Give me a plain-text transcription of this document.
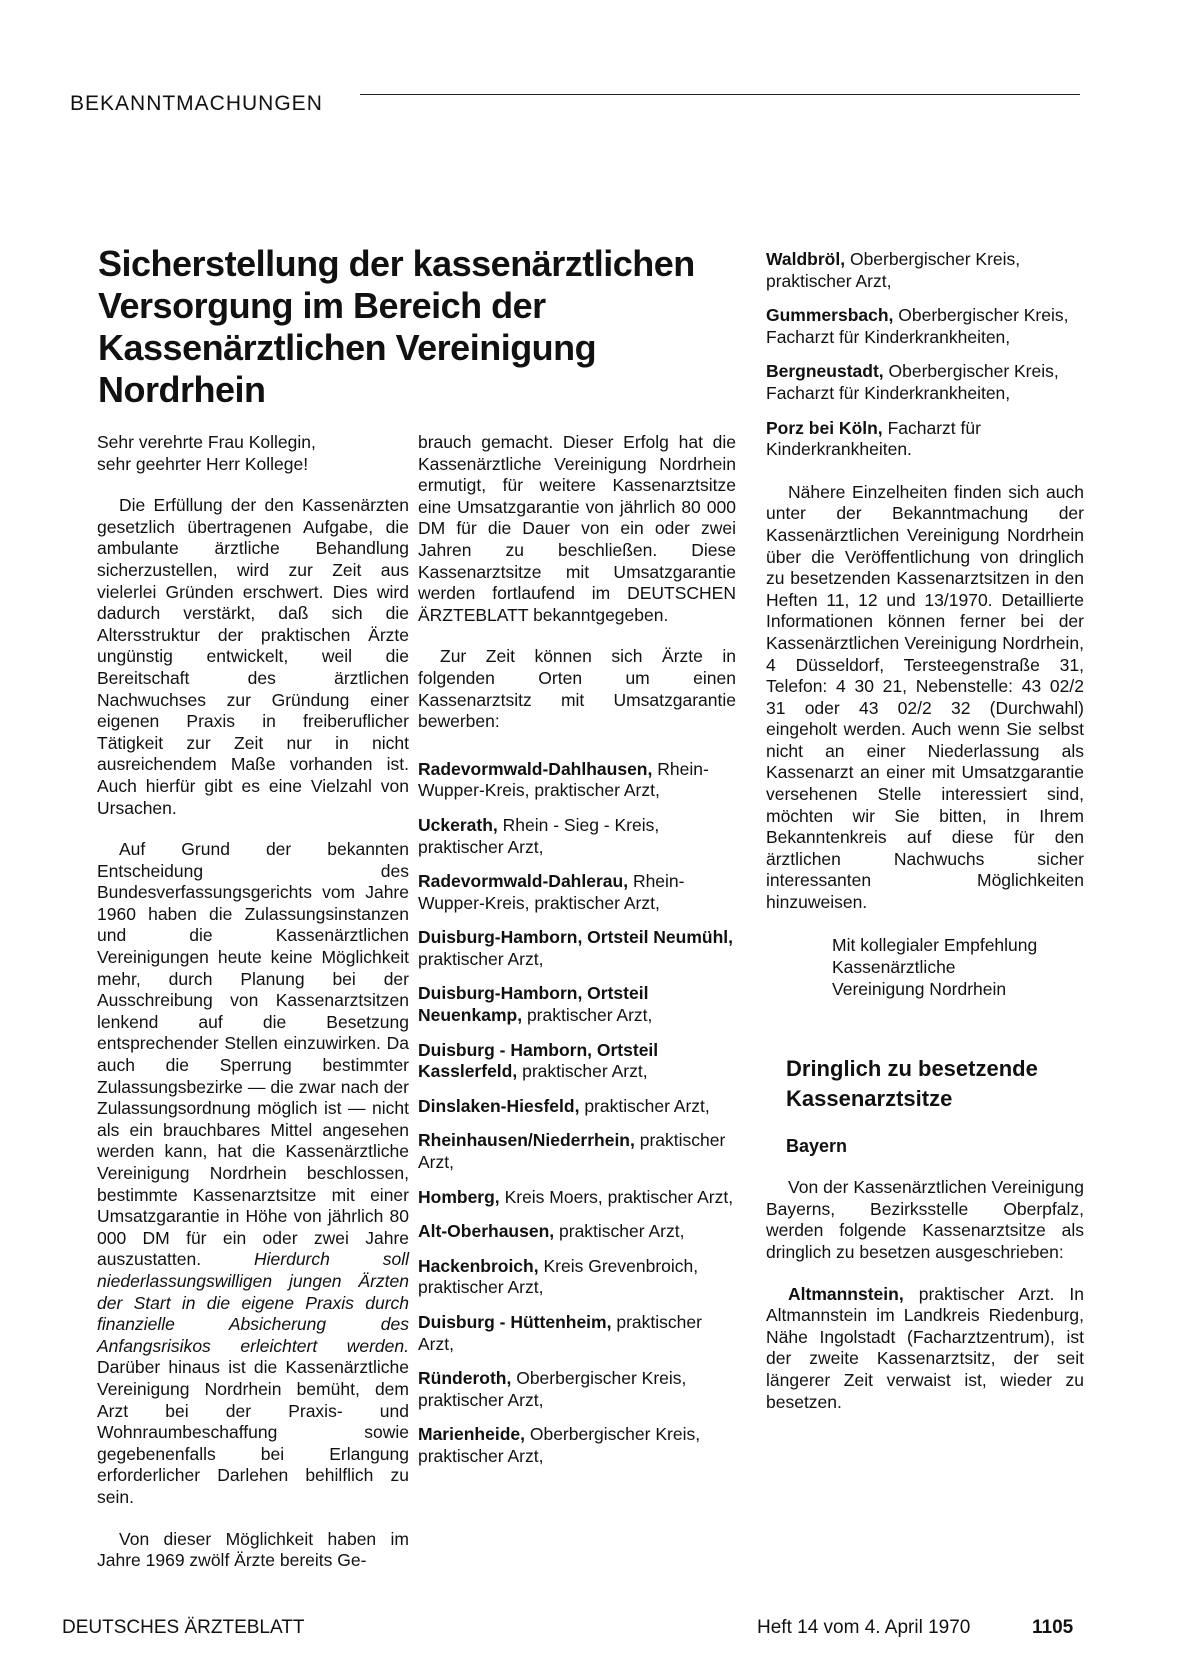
BEKANNTMACHUNGEN
Sicherstellung der kassenärztlichen Versorgung im Bereich der Kassenärztlichen Vereinigung Nordrhein

Sehr verehrte Frau Kollegin,
sehr geehrter Herr Kollege!

Die Erfüllung der den Kassenärzten gesetzlich übertragenen Aufgabe, die ambulante ärztliche Behandlung sicherzustellen, wird zur Zeit aus vielerlei Gründen erschwert. Dies wird dadurch verstärkt, daß sich die Altersstruktur der praktischen Ärzte ungünstig entwickelt, weil die Bereitschaft des ärztlichen Nachwuchses zur Gründung einer eigenen Praxis in freiberuflicher Tätigkeit zur Zeit nur in nicht ausreichendem Maße vorhanden ist. Auch hierfür gibt es eine Vielzahl von Ursachen.

Auf Grund der bekannten Entscheidung des Bundesverfassungsgerichts vom Jahre 1960 haben die Zulassungsinstanzen und die Kassenärztlichen Vereinigungen heute keine Möglichkeit mehr, durch Planung bei der Ausschreibung von Kassenarztsitzen lenkend auf die Besetzung entsprechender Stellen einzuwirken. Da auch die Sperrung bestimmter Zulassungsbezirke — die zwar nach der Zulassungsordnung möglich ist — nicht als ein brauchbares Mittel angesehen werden kann, hat die Kassenärztliche Vereinigung Nordrhein beschlossen, bestimmte Kassenarztsitze mit einer Umsatzgarantie in Höhe von jährlich 80 000 DM für ein oder zwei Jahre auszustatten.	Hierdurch soll niederlassungswilligen jungen Ärzten der Start in die eigene Praxis durch finanzielle Absicherung des Anfangsrisikos erleichtert werden. Darüber hinaus ist die Kassenärztliche Vereinigung Nordrhein bemüht, dem Arzt bei der Praxis- und Wohnraumbeschaffung sowie gegebenenfalls bei Erlangung erforderlicher Darlehen behilflich zu sein.

Von dieser Möglichkeit haben im Jahre 1969 zwölf Ärzte bereits Ge-

brauch gemacht. Dieser Erfolg hat die Kassenärztliche Vereinigung Nordrhein ermutigt, für weitere Kassenarztsitze eine Umsatzgarantie von jährlich 80 000 DM für die Dauer von ein oder zwei Jahren zu beschließen. Diese Kassenarztsitze mit Umsatzgarantie werden fortlaufend im DEUTSCHEN ÄRZTEBLATT bekanntgegeben.

Zur Zeit können sich Ärzte in folgenden Orten um einen Kassenarztsitz mit Umsatzgarantie bewerben:

Radevormwald-Dahlhausen, Rhein-Wupper-Kreis, praktischer Arzt,

Uckerath, Rhein - Sieg - Kreis, praktischer Arzt,

Radevormwald-Dahlerau, Rhein-Wupper-Kreis, praktischer Arzt,

Duisburg-Hamborn, Ortsteil Neumühl, praktischer Arzt,

Duisburg-Hamborn, Ortsteil Neuenkamp, praktischer Arzt,

Duisburg - Hamborn, Ortsteil Kasslerfeld, praktischer Arzt,

Dinslaken-Hiesfeld, praktischer Arzt,

Rheinhausen/Niederrhein, praktischer Arzt,

Homberg, Kreis Moers, praktischer Arzt,

Alt-Oberhausen, praktischer Arzt,

Hackenbroich, Kreis Grevenbroich, praktischer Arzt,

Duisburg - Hüttenheim, praktischer Arzt,

Ründeroth, Oberbergischer Kreis, praktischer Arzt,

Marienheide, Oberbergischer Kreis, praktischer Arzt,

Waldbröl, Oberbergischer Kreis, praktischer Arzt,

Gummersbach, Oberbergischer Kreis, Facharzt für Kinderkrankheiten,

Bergneustadt, Oberbergischer Kreis, Facharzt für Kinderkrankheiten,

Porz bei Köln, Facharzt für Kinderkrankheiten.

Nähere Einzelheiten finden sich auch unter der Bekanntmachung der Kassenärztlichen Vereinigung Nordrhein über die Veröffentlichung von dringlich zu besetzenden Kassenarztsitzen in den Heften 11, 12 und 13/1970. Detaillierte Informationen können ferner bei der Kassenärztlichen Vereinigung Nordrhein, 4 Düsseldorf, Tersteegenstraße 31, Telefon: 4 30 21, Nebenstelle: 43 02/2 31 oder 43 02/2 32 (Durchwahl) eingeholt werden. Auch wenn Sie selbst nicht an einer Niederlassung als Kassenarzt an einer mit Umsatzgarantie versehenen Stelle interessiert sind, möchten wir Sie bitten, in Ihrem Bekanntenkreis auf diese für den ärztlichen Nachwuchs sicher interessanten Möglichkeiten hinzuweisen.

Mit kollegialer Empfehlung
Kassenärztliche
Vereinigung Nordrhein
Dringlich zu besetzende Kassenarztsitze
Bayern

Von der Kassenärztlichen Vereinigung Bayerns, Bezirksstelle Oberpfalz, werden folgende Kassenarztsitze als dringlich zu besetzen ausgeschrieben:

Altmannstein, praktischer Arzt. In Altmannstein im Landkreis Riedenburg, Nähe Ingolstadt (Facharztzentrum), ist der zweite Kassenarztsitz, der seit längerer Zeit verwaist ist, wieder zu besetzen.

DEUTSCHES ÄRZTEBLATT	Heft 14 vom 4. April 1970	1105
